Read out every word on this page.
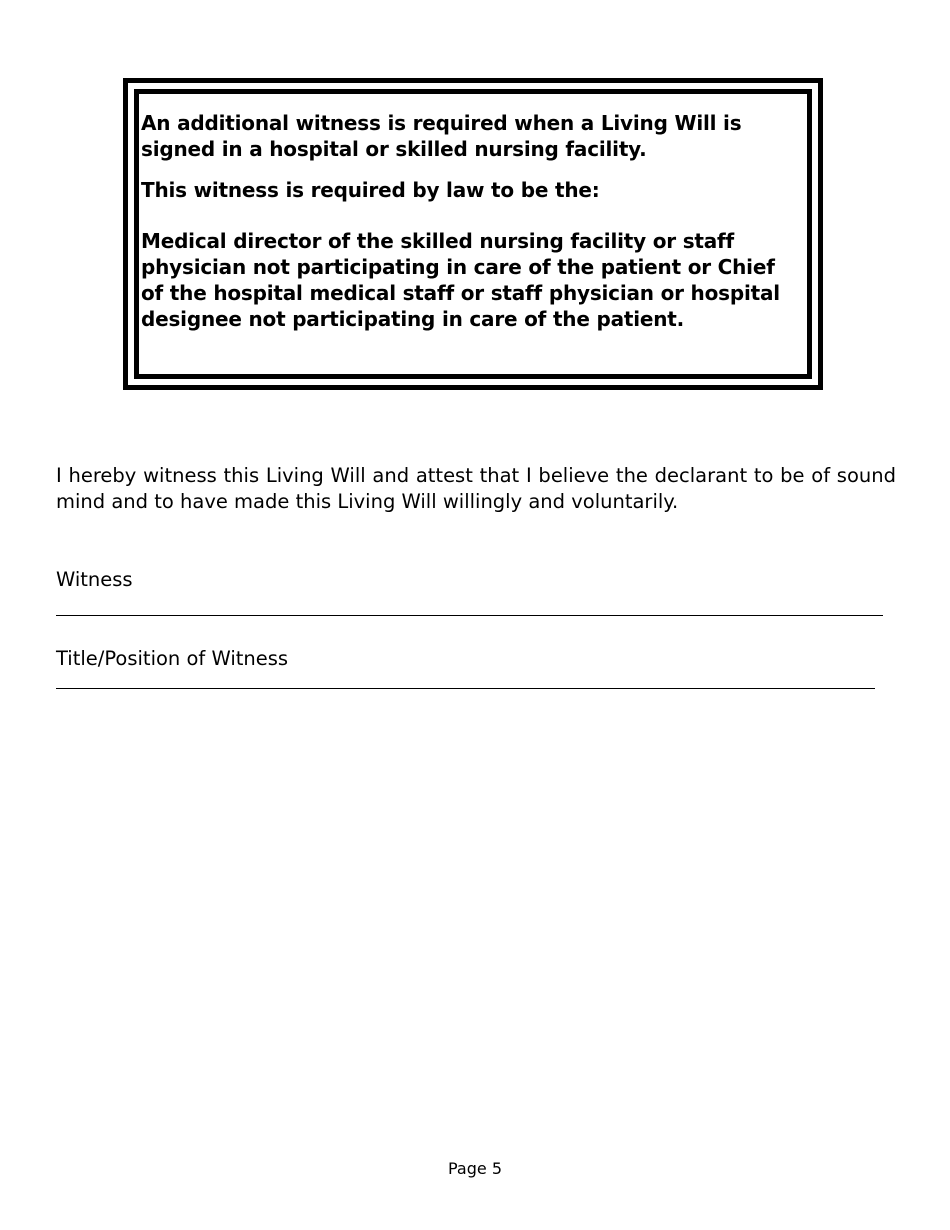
An additional witness is required when a Living Will is signed in a hospital or skilled nursing facility.

This witness is required by law to be the:

Medical director of the skilled nursing facility or staff physician not participating in care of the patient or Chief of the hospital medical staff or staff physician or hospital designee not participating in care of the patient.

I hereby witness this Living Will and attest that I believe the declarant to be of sound mind and to have made this Living Will willingly and voluntarily.

Witness

Title/Position of Witness

Page 5
